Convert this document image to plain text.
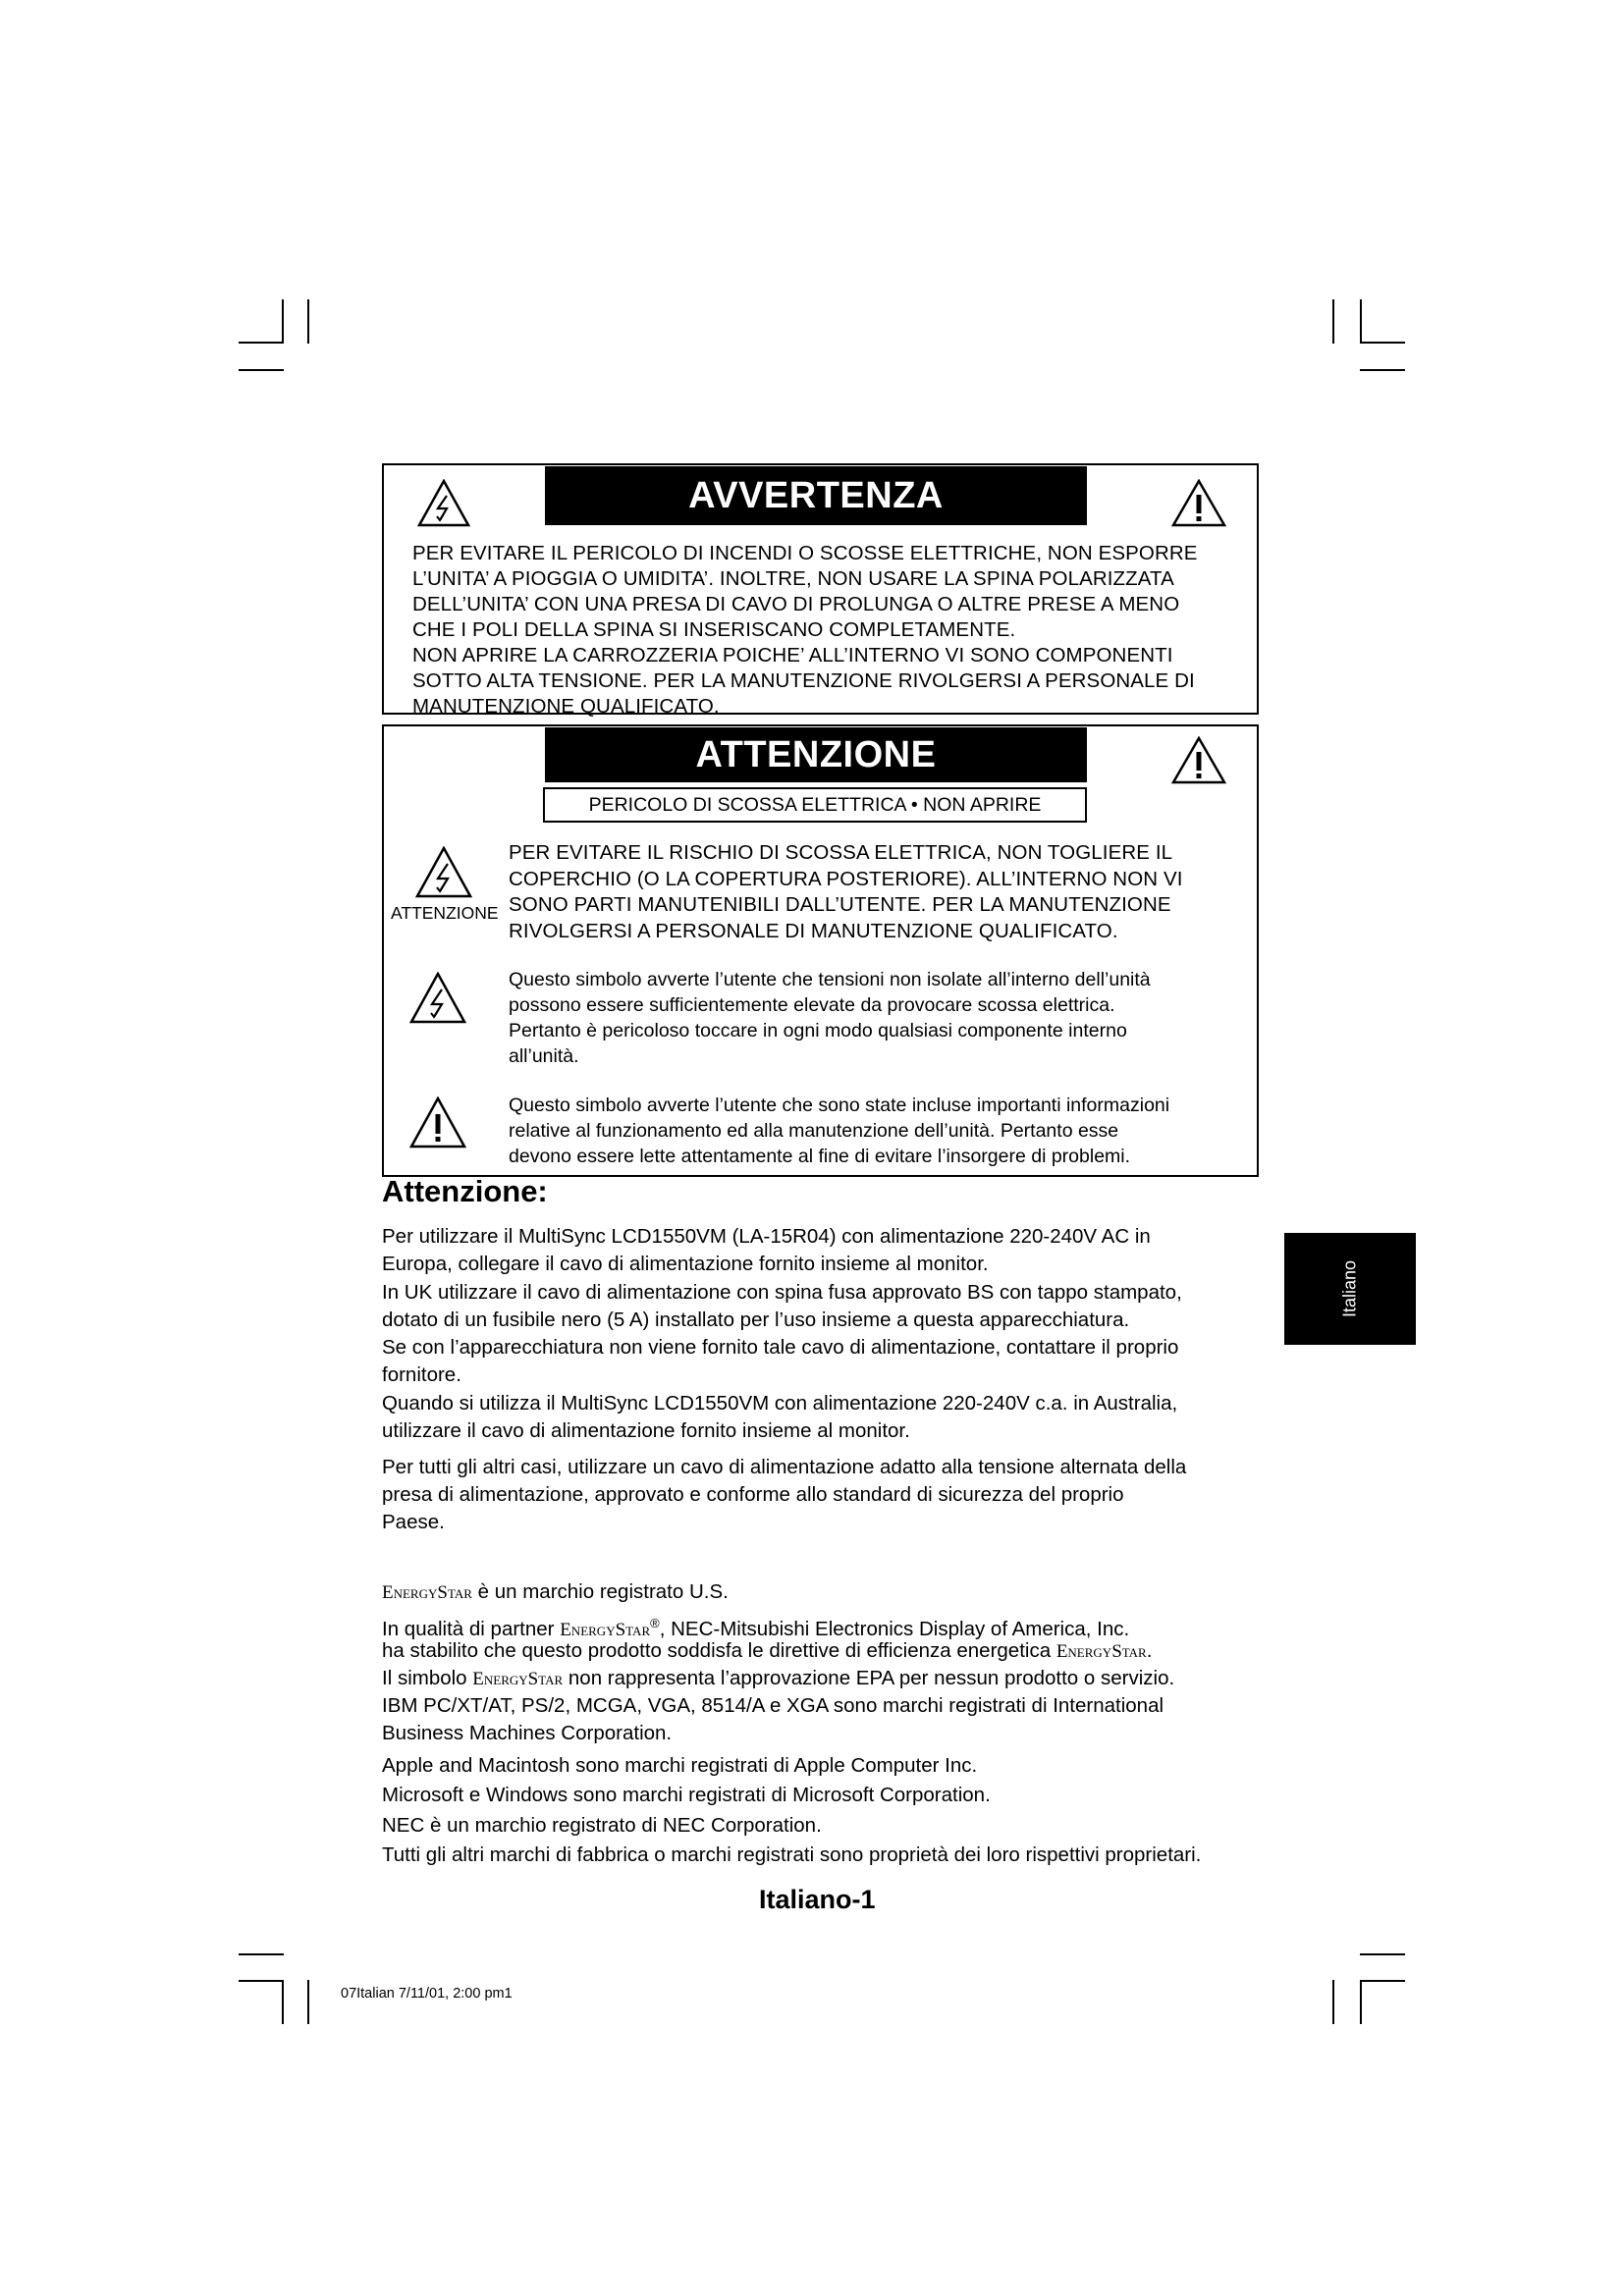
AVVERTENZA
PER EVITARE IL PERICOLO DI INCENDI O SCOSSE ELETTRICHE, NON ESPORRE
L’UNITA’ A PIOGGIA O UMIDITA’. INOLTRE, NON USARE LA SPINA POLARIZZATA
DELL’UNITA’ CON UNA PRESA DI CAVO DI PROLUNGA O ALTRE PRESE A MENO
CHE I POLI DELLA SPINA SI INSERISCANO COMPLETAMENTE.
NON APRIRE LA CARROZZERIA POICHE’ ALL’INTERNO VI SONO COMPONENTI
SOTTO ALTA TENSIONE. PER LA MANUTENZIONE RIVOLGERSI A PERSONALE DI
MANUTENZIONE QUALIFICATO.
ATTENZIONE
PERICOLO DI SCOSSA ELETTRICA • NON APRIRE
ATTENZIONE
PER EVITARE IL RISCHIO DI SCOSSA ELETTRICA, NON TOGLIERE IL
COPERCHIO (O LA COPERTURA POSTERIORE). ALL’INTERNO NON VI
SONO PARTI MANUTENIBILI DALL’UTENTE. PER LA MANUTENZIONE
RIVOLGERSI A PERSONALE DI MANUTENZIONE QUALIFICATO.
Questo simbolo avverte l’utente che tensioni non isolate all’interno dell’unità
possono essere sufficientemente elevate da provocare scossa elettrica.
Pertanto è pericoloso toccare in ogni modo qualsiasi componente interno
all’unità.
Questo simbolo avverte l’utente che sono state incluse importanti informazioni
relative al funzionamento ed alla manutenzione dell’unità. Pertanto esse
devono essere lette attentamente al fine di evitare l’insorgere di problemi.
Attenzione:
Per utilizzare il MultiSync LCD1550VM (LA-15R04) con alimentazione 220-240V AC in
Europa, collegare il cavo di alimentazione fornito insieme al monitor.
In UK utilizzare il cavo di alimentazione con spina fusa approvato BS con tappo stampato,
dotato di un fusibile nero (5 A) installato per l’uso insieme a questa apparecchiatura.
Se con l’apparecchiatura non viene fornito tale cavo di alimentazione, contattare il proprio
fornitore.
Quando si utilizza il MultiSync LCD1550VM con alimentazione 220-240V c.a. in Australia,
utilizzare il cavo di alimentazione fornito insieme al monitor.
Per tutti gli altri casi, utilizzare un cavo di alimentazione adatto alla tensione alternata della
presa di alimentazione, approvato e conforme allo standard di sicurezza del proprio
Paese.
Italiano
EnergyStar è un marchio registrato U.S.
In qualità di partner EnergyStar®, NEC-Mitsubishi Electronics Display of America, Inc.
ha stabilito che questo prodotto soddisfa le direttive di efficienza energetica EnergyStar.
Il simbolo EnergyStar non rappresenta l’approvazione EPA per nessun prodotto o servizio.
IBM PC/XT/AT, PS/2, MCGA, VGA, 8514/A e XGA sono marchi registrati di International
Business Machines Corporation.
Apple and Macintosh sono marchi registrati di Apple Computer Inc.
Microsoft e Windows sono marchi registrati di Microsoft Corporation.
NEC è un marchio registrato di NEC Corporation.
Tutti gli altri marchi di fabbrica o marchi registrati sono proprietà dei loro rispettivi proprietari.
Italiano-1
07Italian 7/11/01, 2:00 pm1
